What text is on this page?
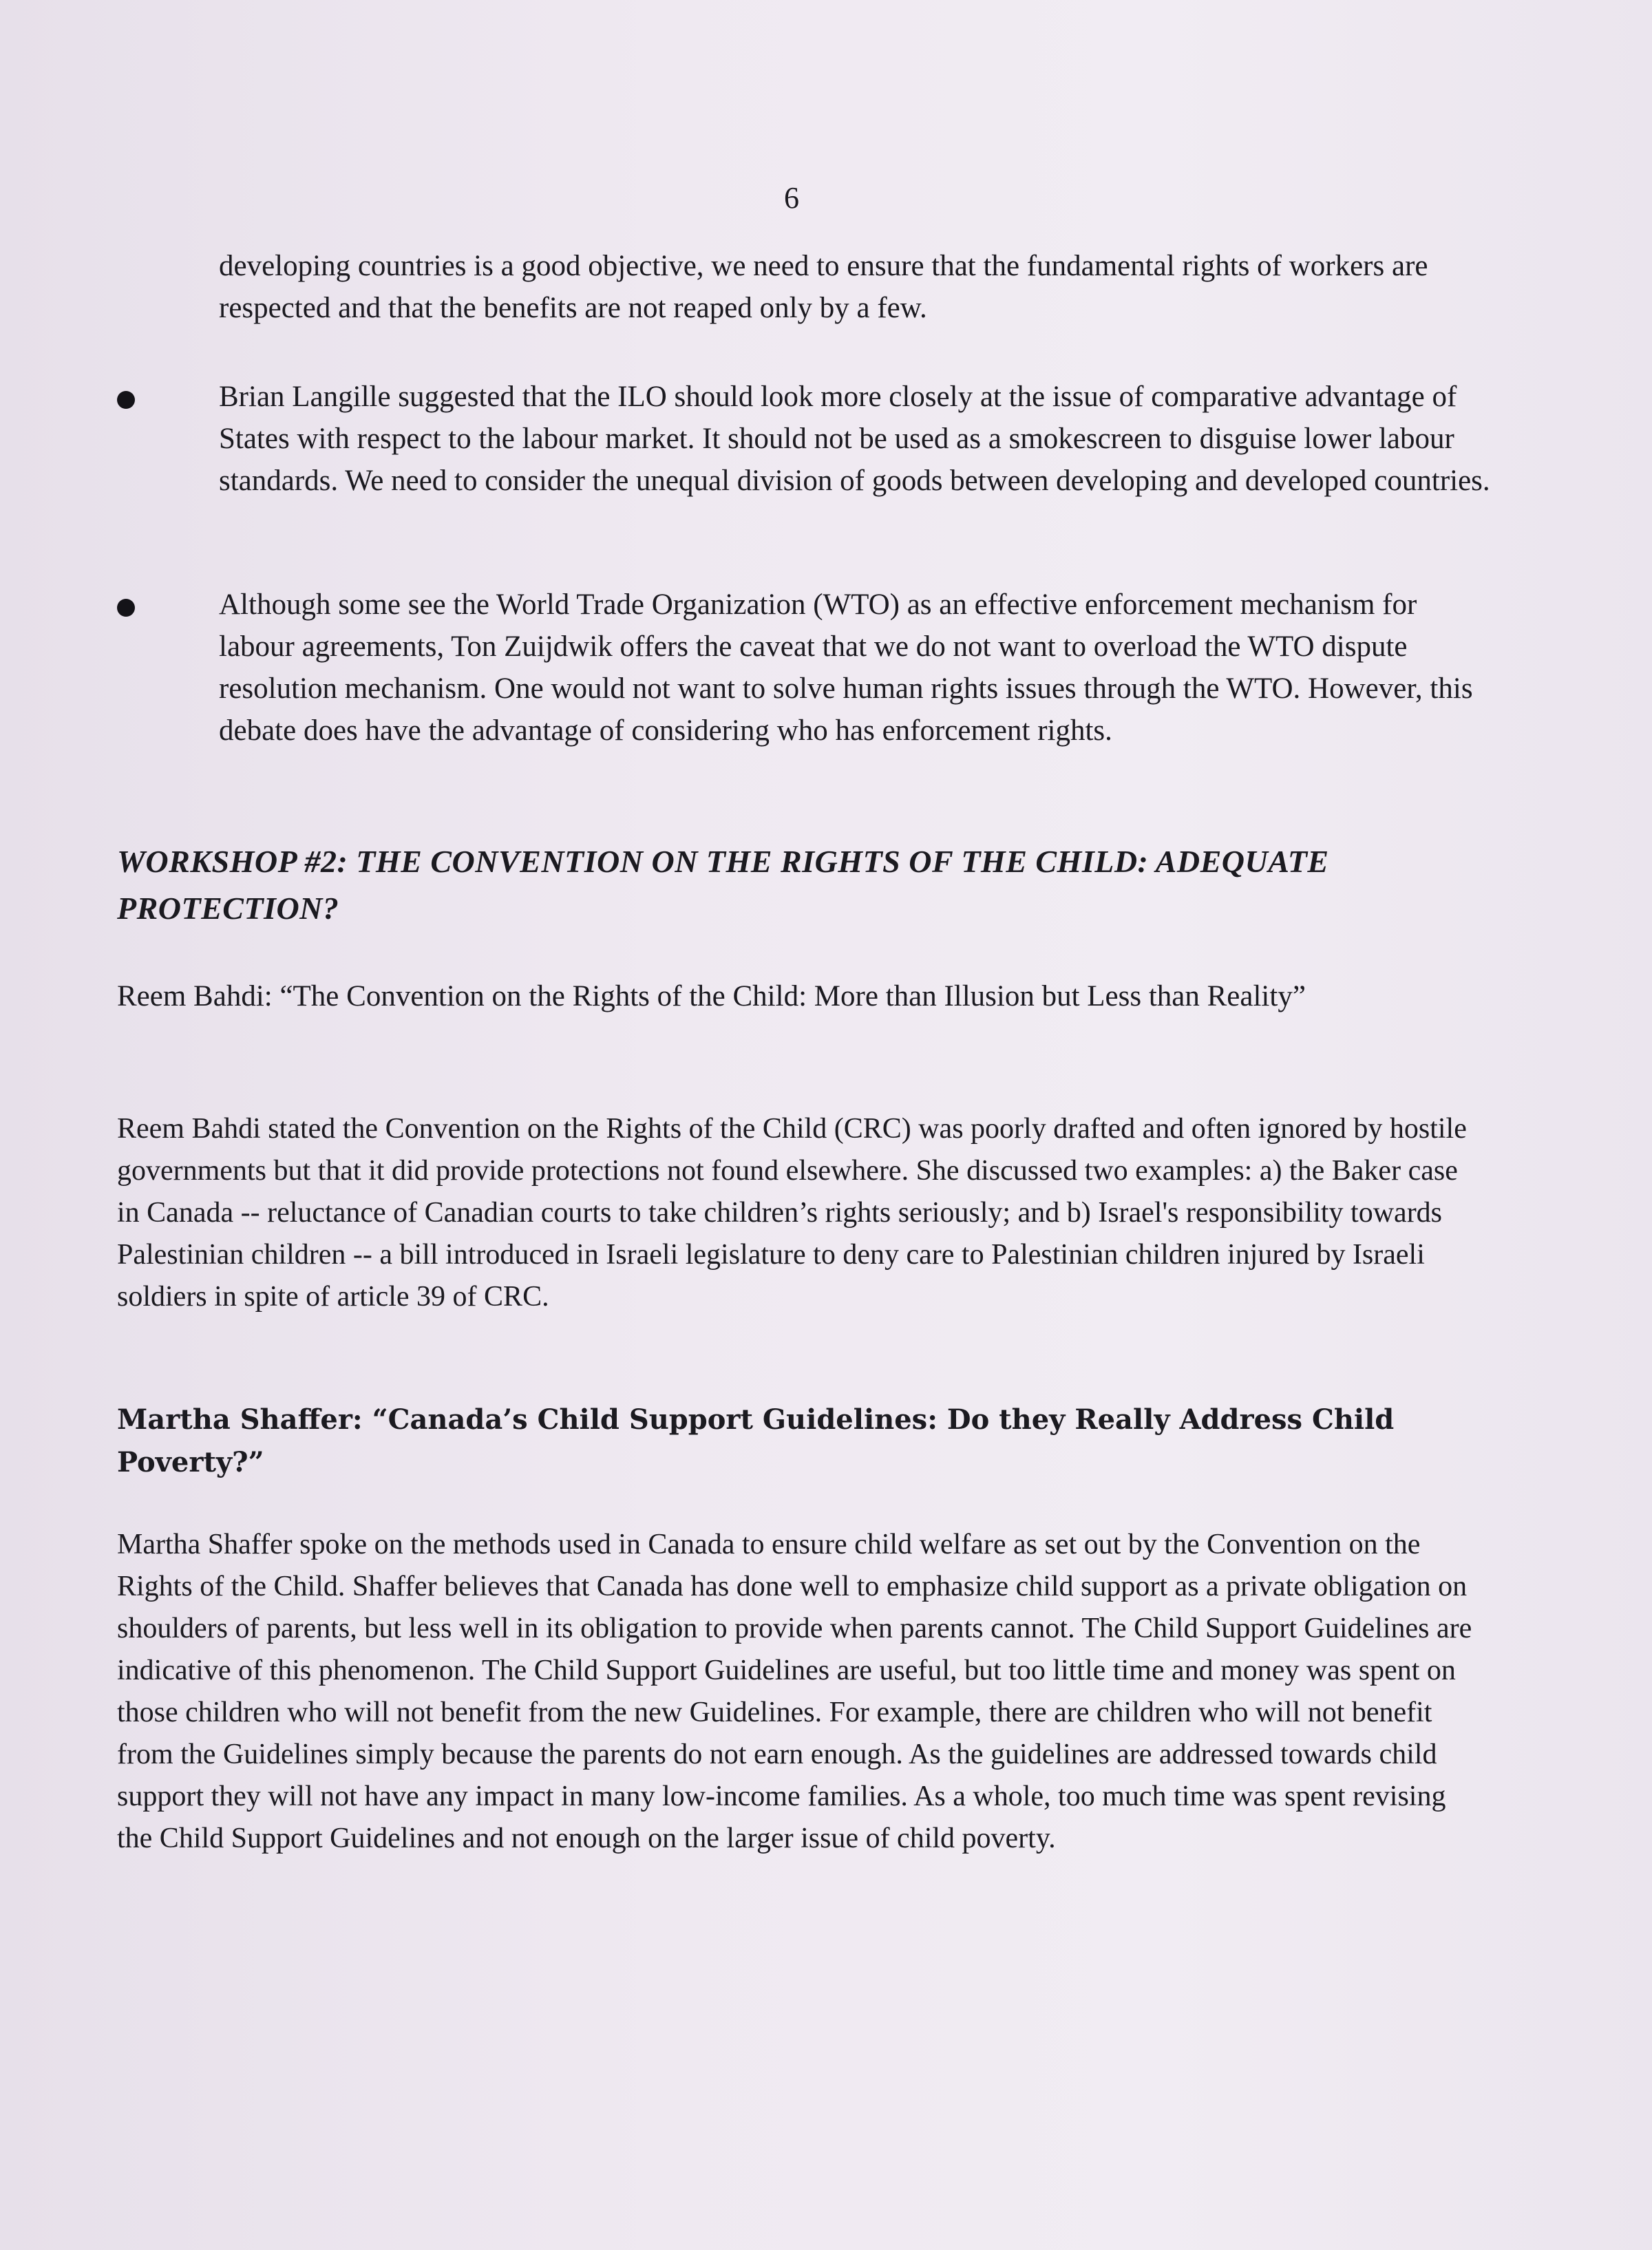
6

developing countries is a good objective, we need to ensure that the fundamental rights of workers are respected and that the benefits are not reaped only by a few.

Brian Langille suggested that the ILO should look more closely at the issue of comparative advantage of States with respect to the labour market. It should not be used as a smokescreen to disguise lower labour standards. We need to consider the unequal division of goods between developing and developed countries.

Although some see the World Trade Organization (WTO) as an effective enforcement mechanism for labour agreements, Ton Zuijdwik offers the caveat that we do not want to overload the WTO dispute resolution mechanism. One would not want to solve human rights issues through the WTO. However, this debate does have the advantage of considering who has enforcement rights.

WORKSHOP #2: THE CONVENTION ON THE RIGHTS OF THE CHILD: ADEQUATE PROTECTION?

Reem Bahdi: “The Convention on the Rights of the Child: More than Illusion but Less than Reality”

Reem Bahdi stated the Convention on the Rights of the Child (CRC) was poorly drafted and often ignored by hostile governments but that it did provide protections not found elsewhere. She discussed two examples: a) the Baker case in Canada -- reluctance of Canadian courts to take children’s rights seriously; and b) Israel's responsibility towards Palestinian children -- a bill introduced in Israeli legislature to deny care to Palestinian children injured by Israeli soldiers in spite of article 39 of CRC.

Martha Shaffer: “Canada’s Child Support Guidelines: Do they Really Address Child Poverty?”

Martha Shaffer spoke on the methods used in Canada to ensure child welfare as set out by the Convention on the Rights of the Child. Shaffer believes that Canada has done well to emphasize child support as a private obligation on shoulders of parents, but less well in its obligation to provide when parents cannot. The Child Support Guidelines are indicative of this phenomenon. The Child Support Guidelines are useful, but too little time and money was spent on those children who will not benefit from the new Guidelines. For example, there are children who will not benefit from the Guidelines simply because the parents do not earn enough. As the guidelines are addressed towards child support they will not have any impact in many low-income families. As a whole, too much time was spent revising the Child Support Guidelines and not enough on the larger issue of child poverty.
